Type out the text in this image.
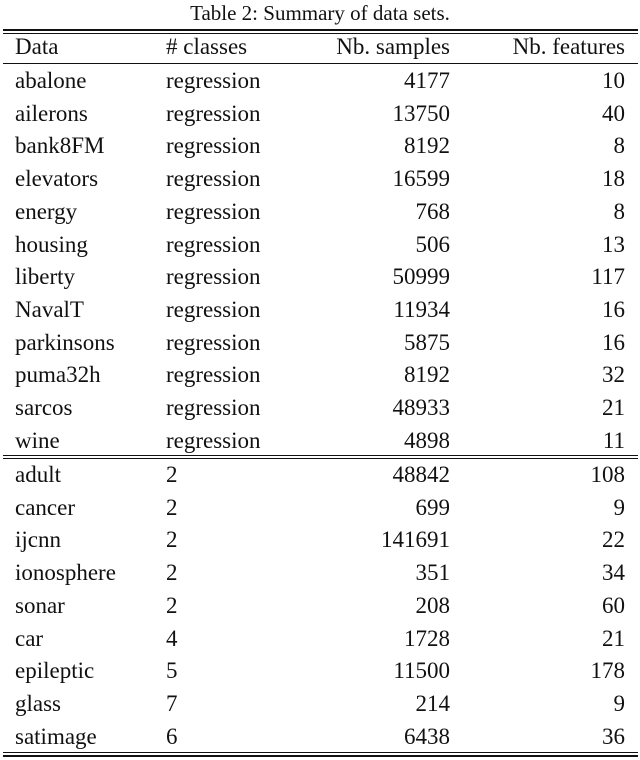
Table 2: Summary of data sets.
Data	# classes	Nb. samples	Nb. features
abalone	regression	4177	10
ailerons	regression	13750	40
bank8FM	regression	8192	8
elevators	regression	16599	18
energy	regression	768	8
housing	regression	506	13
liberty	regression	50999	117
NavalT	regression	11934	16
parkinsons regression	5875	16
puma32h	regression	8192	32
sarcos	regression	48933	21
wine	regression	4898	11
adult	2	48842	108
cancer	2	699	9
ijcnn	2	141691	22
ionosphere 2	351	34
sonar	2	208	60
car	4	1728	21
epileptic	5	11500	178
glass	7	214	9
satimage	6	6438	36
